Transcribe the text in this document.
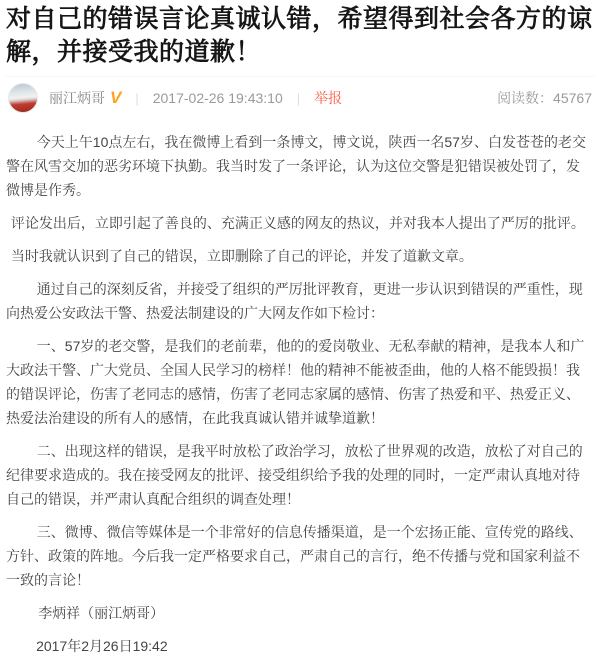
对自己的错误言论真诚认错，希望得到社会各方的谅解，并接受我的道歉！
丽江炳哥 V | 2017-02-26 19:43:10 | 举报	阅读数：45767

今天上午10点左右，我在微博上看到一条博文，博文说，陕西一名57岁、白发苍苍的老交警在风雪交加的恶劣环境下执勤。我当时发了一条评论，认为这位交警是犯错误被处罚了，发微博是作秀。

评论发出后，立即引起了善良的、充满正义感的网友的热议，并对我本人提出了严厉的批评。

当时我就认识到了自己的错误，立即删除了自己的评论，并发了道歉文章。

通过自己的深刻反省，并接受了组织的严厉批评教育，更进一步认识到错误的严重性，现向热爱公安政法干警、热爱法制建设的广大网友作如下检讨：

一、57岁的老交警，是我们的老前辈，他的的爱岗敬业、无私奉献的精神，是我本人和广大政法干警、广大党员、全国人民学习的榜样！他的精神不能被歪曲，他的人格不能毁损！我的错误评论，伤害了老同志的感情，伤害了老同志家属的感情、伤害了热爱和平、热爱正义、热爱法治建设的所有人的感情，在此我真诚认错并诚挚道歉！

二、出现这样的错误，是我平时放松了政治学习，放松了世界观的改造，放松了对自己的纪律要求造成的。我在接受网友的批评、接受组织给予我的处理的同时，一定严肃认真地对待自己的错误，并严肃认真配合组织的调查处理！

三、微博、微信等媒体是一个非常好的信息传播渠道，是一个宏扬正能、宣传党的路线、方针、政策的阵地。今后我一定严格要求自己，严肃自己的言行，绝不传播与党和国家利益不一致的言论！

李炳祥（丽江炳哥）

2017年2月26日19:42
